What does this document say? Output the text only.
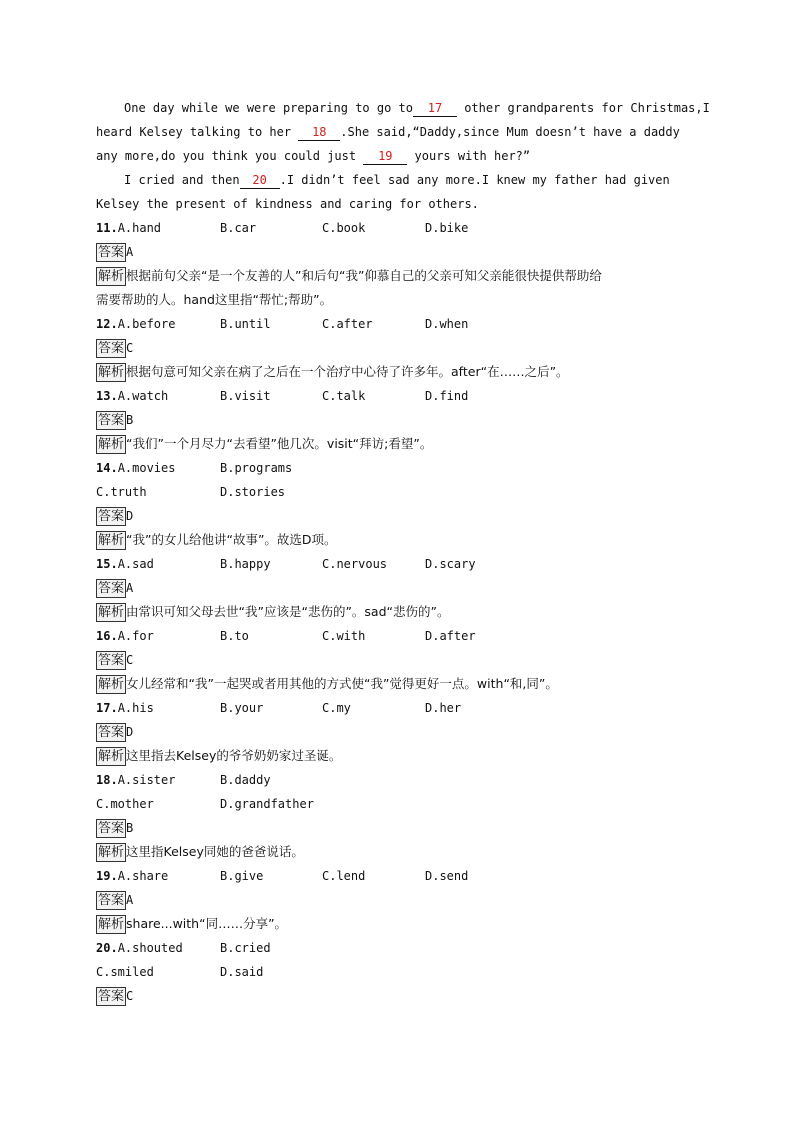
One day while we were preparing to go to 17 other grandparents for Christmas,I
heard Kelsey talking to her 18 .She said,“Daddy,since Mum doesn’t have a daddy
any more,do you think you could just 19 yours with her?”
I cried and then 20 .I didn’t feel sad any more.I knew my father had given
Kelsey the present of kindness and caring for others.

11.A.hand

	B.car

	C.book

	D.bike

答案 A
解析 根据前句父亲“是一个友善的人”和后句“我”仰慕自己的父亲可知父亲能很快提供帮助给
需要帮助的人。hand这里指“帮忙;帮助”。

12.A.before

	B.until

	C.after

	D.when

答案 C
解析 根据句意可知父亲在病了之后在一个治疗中心待了许多年。after“在……之后”。

13.A.watch

	B.visit

	C.talk

	D.find

答案 B
解析 “我们”一个月尽力“去看望”他几次。visit“拜访;看望”。

14.A.movies

	B.programs

C.truth

	D.stories

答案 D
解析 “我”的女儿给他讲“故事”。故选D项。

15.A.sad

	B.happy

	C.nervous

	D.scary

答案 A
解析 由常识可知父母去世“我”应该是“悲伤的”。sad“悲伤的”。

16.A.for

	B.to

	C.with

	D.after

答案 C
解析 女儿经常和“我”一起哭或者用其他的方式使“我”觉得更好一点。with“和,同”。

17.A.his

	B.your

	C.my

	D.her

答案 D
解析 这里指去Kelsey的爷爷奶奶家过圣诞。

18.A.sister

	B.daddy

C.mother

	D.grandfather

答案 B
解析 这里指Kelsey同她的爸爸说话。

19.A.share

	B.give

	C.lend

	D.send

答案 A
解析 share...with“同……分享”。

20.A.shouted

	B.cried

C.smiled

	D.said

答案 C
